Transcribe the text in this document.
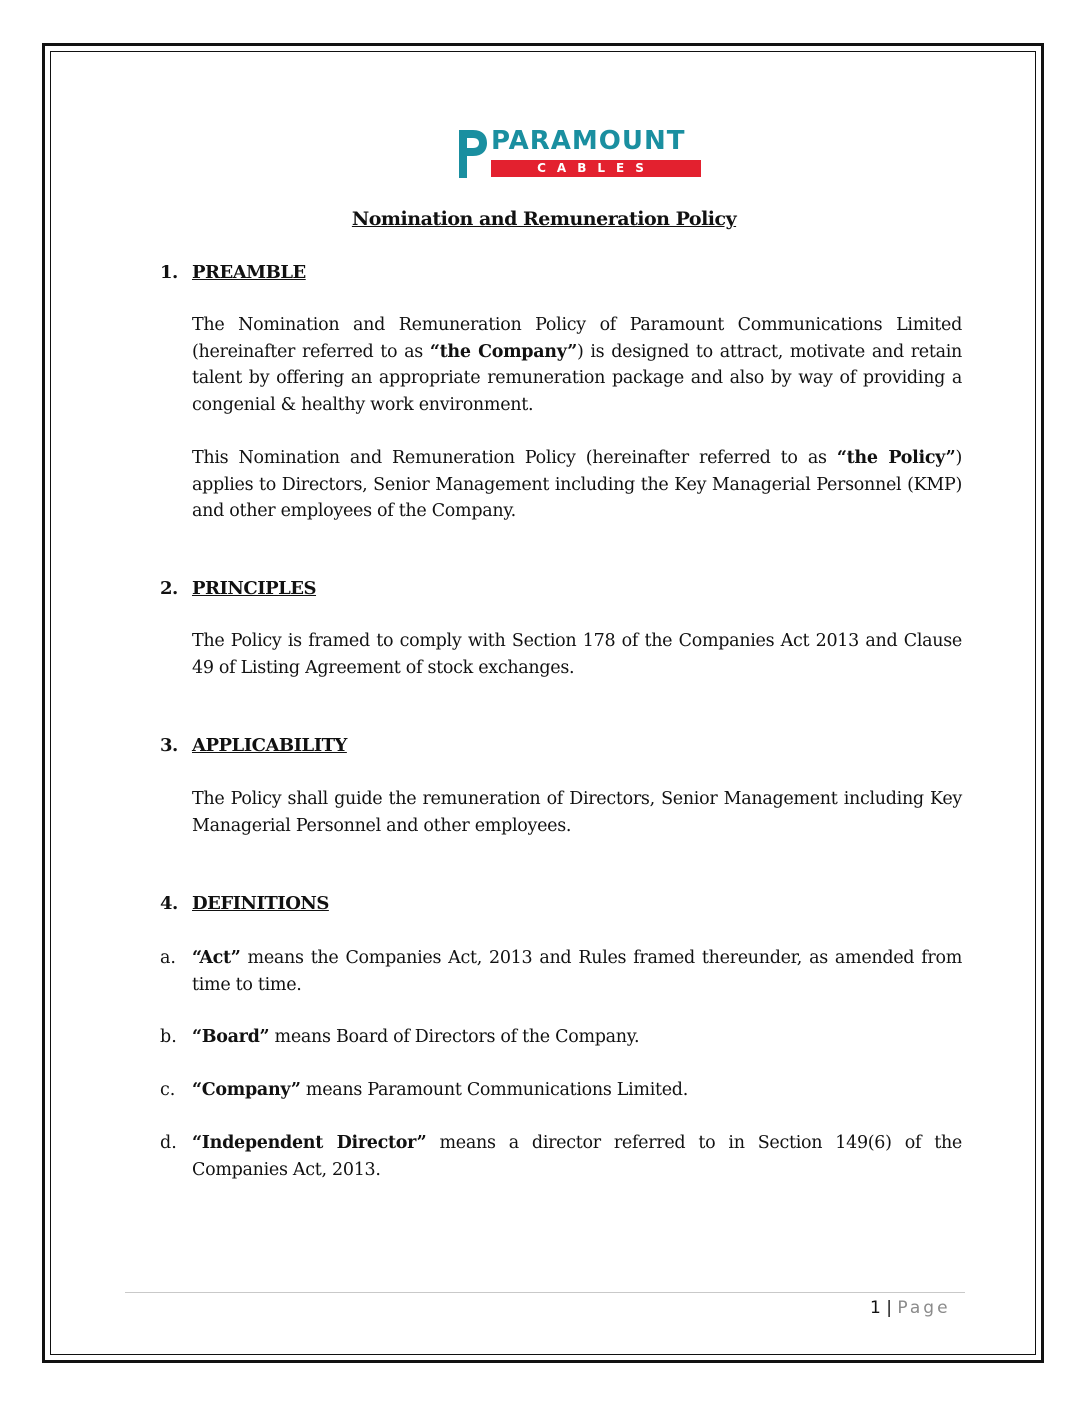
PARAMOUNT
CABLES
Nomination and Remuneration Policy
1. PREAMBLE
The Nomination and Remuneration Policy of Paramount Communications Limited (hereinafter referred to as “the Company”) is designed to attract, motivate and retain talent by offering an appropriate remuneration package and also by way of providing a congenial & healthy work environment.
This Nomination and Remuneration Policy (hereinafter referred to as “the Policy”) applies to Directors, Senior Management including the Key Managerial Personnel (KMP) and other employees of the Company.
2. PRINCIPLES
The Policy is framed to comply with Section 178 of the Companies Act 2013 and Clause 49 of Listing Agreement of stock exchanges.
3. APPLICABILITY
The Policy shall guide the remuneration of Directors, Senior Management including Key Managerial Personnel and other employees.
4. DEFINITIONS
a. “Act” means the Companies Act, 2013 and Rules framed thereunder, as amended from time to time.
b. “Board” means Board of Directors of the Company.
c. “Company” means Paramount Communications Limited.
d. “Independent Director” means a director referred to in Section 149(6) of the Companies Act, 2013.
1 | Page
